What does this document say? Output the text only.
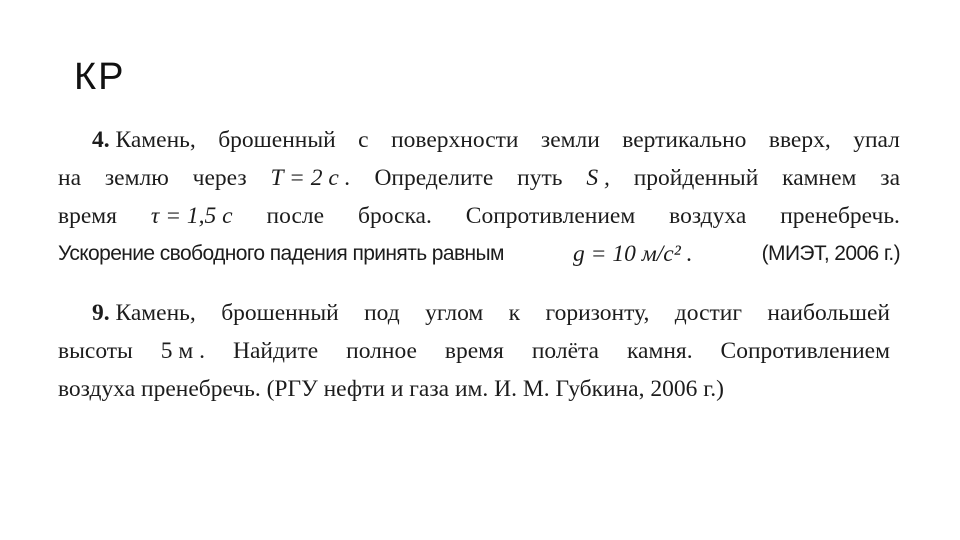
КР
4. Камень, брошенный с поверхности земли вертикально вверх, упал
на землю через T = 2 с . Определите путь S , пройденный камнем за
время τ = 1,5 с после броска. Сопротивлением воздуха пренебречь.
Ускорение свободного падения принять равным	g = 10 м/с² .	(МИЭТ, 2006 г.)
9. Камень, брошенный под углом к горизонту, достиг наибольшей
высоты 5 м . Найдите полное время полёта камня. Сопротивлением
воздуха пренебречь. (РГУ нефти и газа им. И. М. Губкина, 2006 г.)
